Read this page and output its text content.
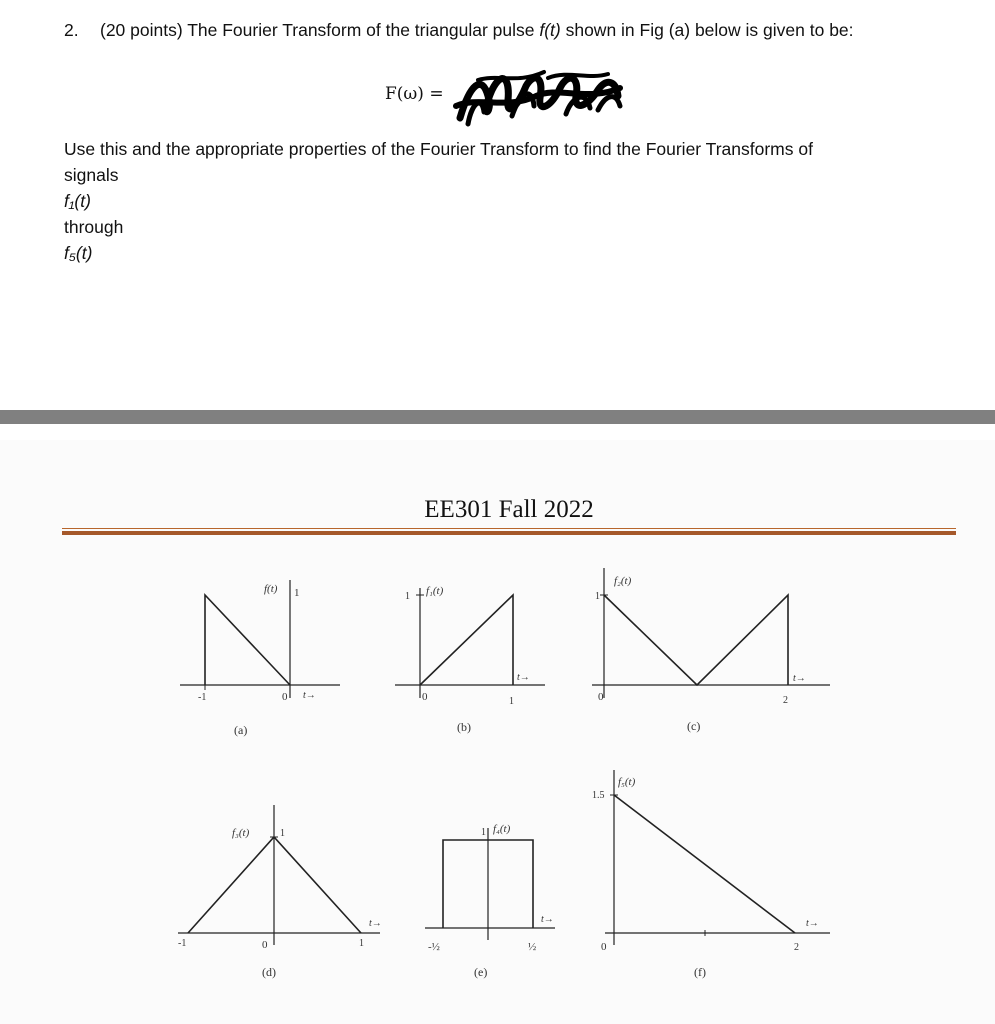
2. (20 points) The Fourier Transform of the triangular pulse f(t) shown in Fig (a) below is given to be:
F(ω) =
Use this and the appropriate properties of the Fourier Transform to find the Fourier Transforms of
signals
f₁(t)
through
f₅(t)
EE301 Fall 2022
f(t)
-1	0
1
t→
(a)
1 f₁(t)
0	1
t→
(b)
1
f₂(t)
0	2
t→
(c)
-1	0	1
1
f₃(t)
t→
(d)
1 f₄(t)
-½	½
t→
(e)
1.5
f₅(t)
0	2
t→
(f)
